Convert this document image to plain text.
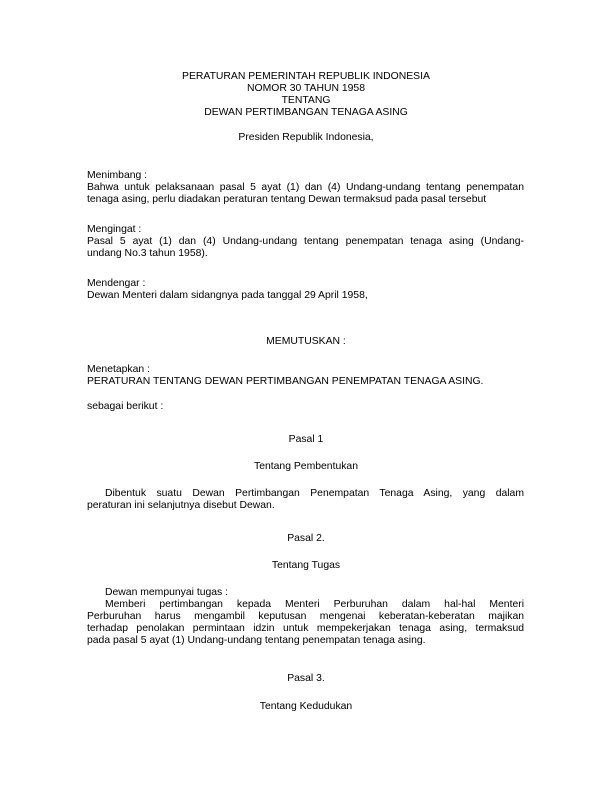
PERATURAN PEMERINTAH REPUBLIK INDONESIA
NOMOR 30 TAHUN 1958
TENTANG
DEWAN PERTIMBANGAN TENAGA ASING
Presiden Republik Indonesia,
Menimbang :
Bahwa untuk pelaksanaan pasal 5 ayat (1) dan (4) Undang-undang tentang penempatan
tenaga asing, perlu diadakan peraturan tentang Dewan termaksud pada pasal tersebut
Mengingat :
Pasal 5 ayat (1) dan (4) Undang-undang tentang penempatan tenaga asing (Undang-
undang No.3 tahun 1958).
Mendengar :
Dewan Menteri dalam sidangnya pada tanggal 29 April 1958,
MEMUTUSKAN :
Menetapkan :
PERATURAN TENTANG DEWAN PERTIMBANGAN PENEMPATAN TENAGA ASING.
sebagai berikut :
Pasal 1
Tentang Pembentukan
Dibentuk suatu Dewan Pertimbangan Penempatan Tenaga Asing, yang dalam
peraturan ini selanjutnya disebut Dewan.
Pasal 2.
Tentang Tugas
Dewan mempunyai tugas :
Memberi pertimbangan kepada Menteri Perburuhan dalam hal-hal Menteri
Perburuhan harus mengambil keputusan mengenai keberatan-keberatan majikan
terhadap penolakan permintaan idzin untuk mempekerjakan tenaga asing, termaksud
pada pasal 5 ayat (1) Undang-undang tentang penempatan tenaga asing.
Pasal 3.
Tentang Kedudukan
